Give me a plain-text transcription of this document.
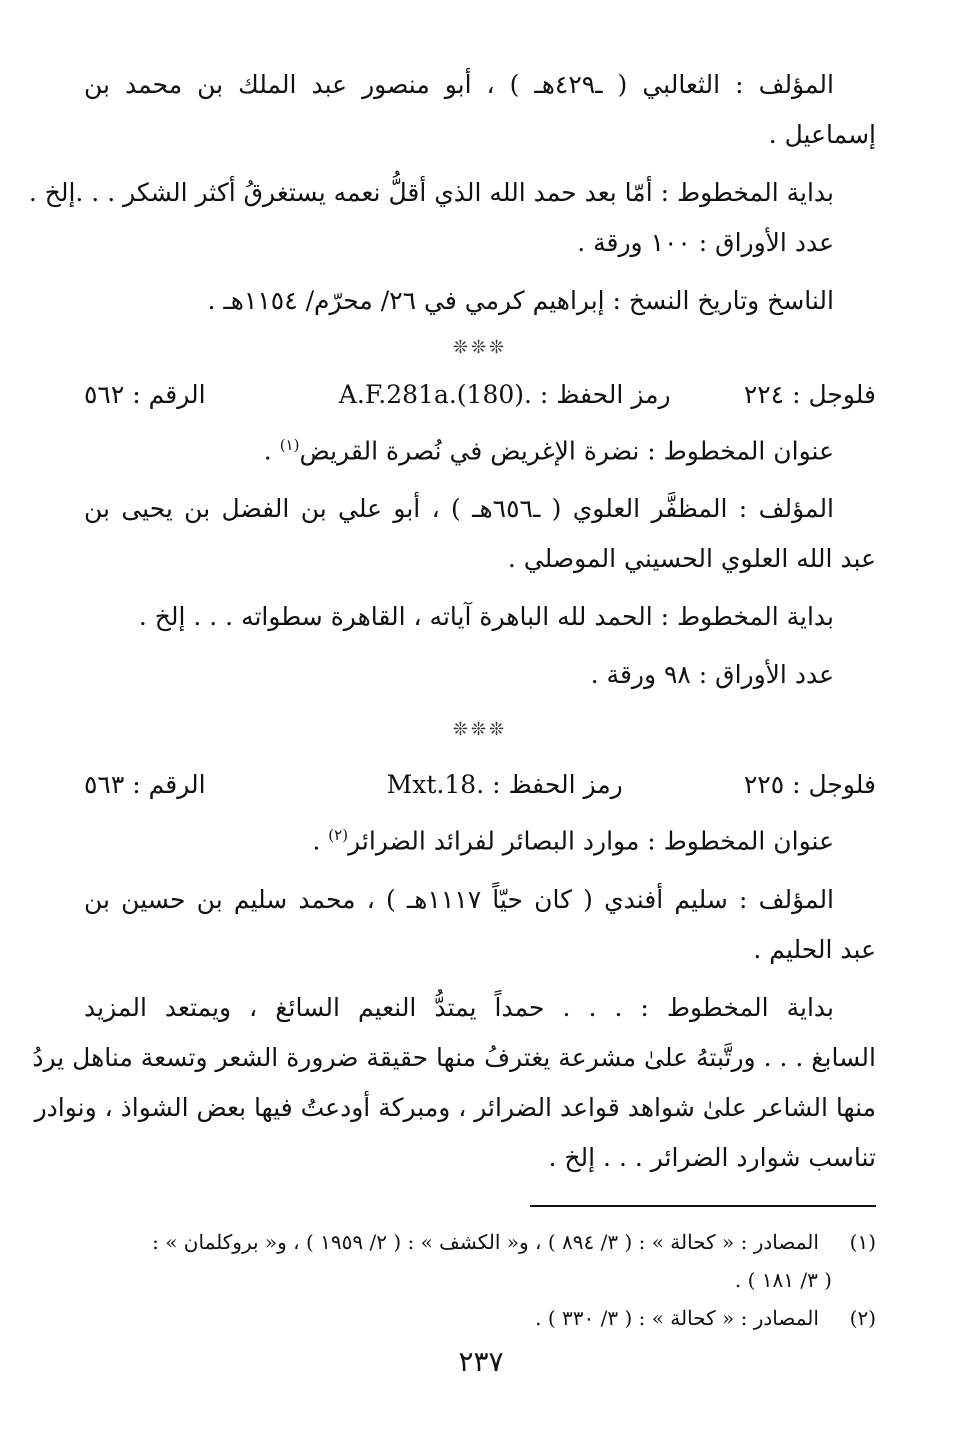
المؤلف : الثعالبي ( ـ٤٢٩هـ ) ، أبو منصور عبد الملك بن محمد بن
إسماعيل .
بداية المخطوط : أمّا بعد حمد الله الذي أقلُّ نعمه يستغرقُ أكثر الشكر . . .إلخ .
عدد الأوراق : ١٠٠ ورقة .
الناسخ وتاريخ النسخ : إبراهيم كرمي في ٢٦/ محرّم/ ١١٥٤هـ .
❊❊❊
الرقم : ٥٦٢	رمز الحفظ : .A.F.281a.(180)	فلوجل : ٢٢٤
عنوان المخطوط : نضرة الإغريض في نُصرة القريض$^{(١)}$ .
المؤلف : المظفَّر العلوي ( ـ٦٥٦هـ ) ، أبو علي بن الفضل بن يحيى بن
عبد الله العلوي الحسيني الموصلي .
بداية المخطوط : الحمد لله الباهرة آياته ، القاهرة سطواته . . . إلخ .
عدد الأوراق : ٩٨ ورقة .
❊❊❊
الرقم : ٥٦٣	رمز الحفظ : .Mxt.18	فلوجل : ٢٢٥
عنوان المخطوط : موارد البصائر لفرائد الضرائر$^{(٢)}$ .
المؤلف : سليم أفندي ( كان حيّاً ١١١٧هـ ) ، محمد سليم بن حسين بن
عبد الحليم .
بداية المخطوط : . . . حمداً يمتدُّ النعيم السائغ ، ويمتعد المزيد
السابغ . . . ورتَّبتهُ علىٰ مشرعة يغترفُ منها حقيقة ضرورة الشعر وتسعة مناهل يردُ
منها الشاعر علىٰ شواهد قواعد الضرائر ، ومبركة أودعتُ فيها بعض الشواذ ، ونوادر
تناسب شوارد الضرائر . . . إلخ .
(١)  المصادر : « كحالة » : ( ٣/ ٨٩٤ ) ، و« الكشف » : ( ٢/ ١٩٥٩ ) ، و« بروكلمان » :
( ٣/ ١٨١ ) .
(٢)  المصادر : « كحالة » : ( ٣/ ٣٣٠ ) .
٢٣٧
